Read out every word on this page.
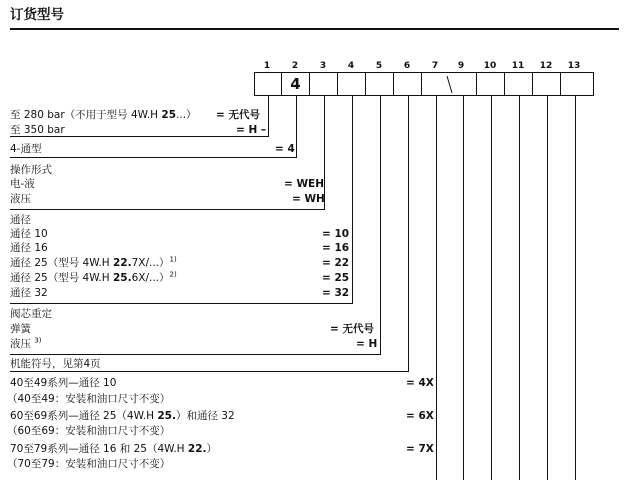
订货型号
1	2	3	4	5	6	7	9	10	11	12	13
4
至 280 bar（不用于型号 4W.H 25...） = 无代号
至 350 bar	= H –
4-通型	= 4
操作形式
电-液	= WEH
液压	= WH
通径
通径 10	= 10
通径 16	= 16
通径 25（型号 4W.H 22.7X/...）$^{1)}$	= 22
通径 25（型号 4W.H 25.6X/...）$^{2)}$	= 25
通径 32	= 32
阀芯重定
弹簧	= 无代号
液压 $^{3)}$	= H
机能符号，见第4页
40至49系列—通径 10	= 4X
（40至49：安装和油口尺寸不变）
60至69系列—通径 25（4W.H 25.）和通径 32	= 6X
（60至69：安装和油口尺寸不变）
70至79系列—通径 16 和 25（4W.H 22.）	= 7X
（70至79：安装和油口尺寸不变）
